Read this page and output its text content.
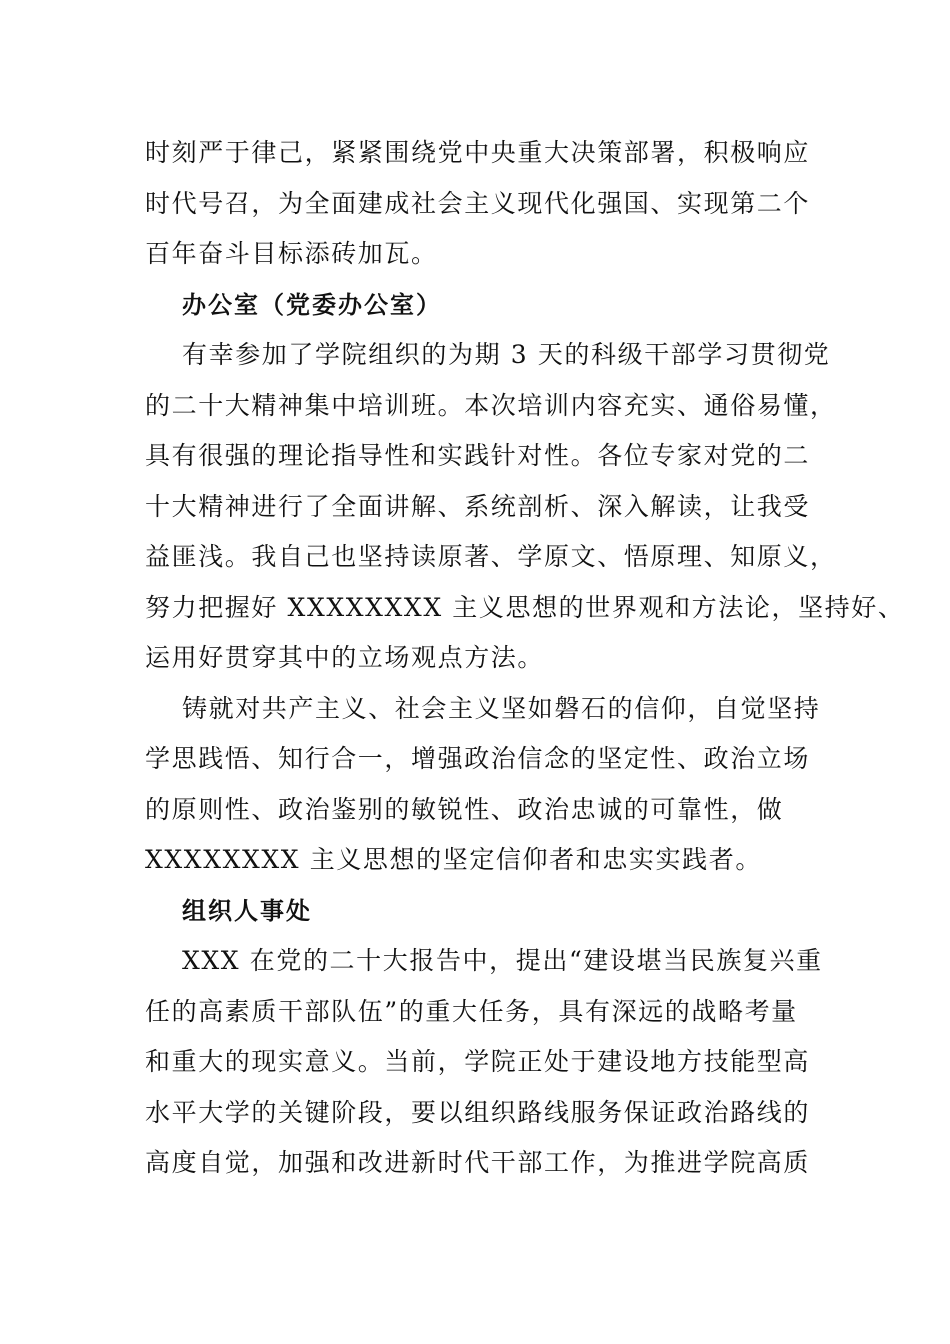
时刻严于律己，紧紧围绕党中央重大决策部署，积极响应
时代号召，为全面建成社会主义现代化强国、实现第二个
百年奋斗目标添砖加瓦。
办公室（党委办公室）
有幸参加了学院组织的为期 3 天的科级干部学习贯彻党
的二十大精神集中培训班。本次培训内容充实、通俗易懂，
具有很强的理论指导性和实践针对性。各位专家对党的二
十大精神进行了全面讲解、系统剖析、深入解读，让我受
益匪浅。我自己也坚持读原著、学原文、悟原理、知原义，
努力把握好 XXXXXXXX 主义思想的世界观和方法论，坚持好、
运用好贯穿其中的立场观点方法。
铸就对共产主义、社会主义坚如磐石的信仰，自觉坚持
学思践悟、知行合一，增强政治信念的坚定性、政治立场
的原则性、政治鉴别的敏锐性、政治忠诚的可靠性，做
XXXXXXXX 主义思想的坚定信仰者和忠实实践者。
组织人事处
XXX 在党的二十大报告中，提出“建设堪当民族复兴重
任的高素质干部队伍”的重大任务，具有深远的战略考量
和重大的现实意义。当前，学院正处于建设地方技能型高
水平大学的关键阶段，要以组织路线服务保证政治路线的
高度自觉，加强和改进新时代干部工作，为推进学院高质
